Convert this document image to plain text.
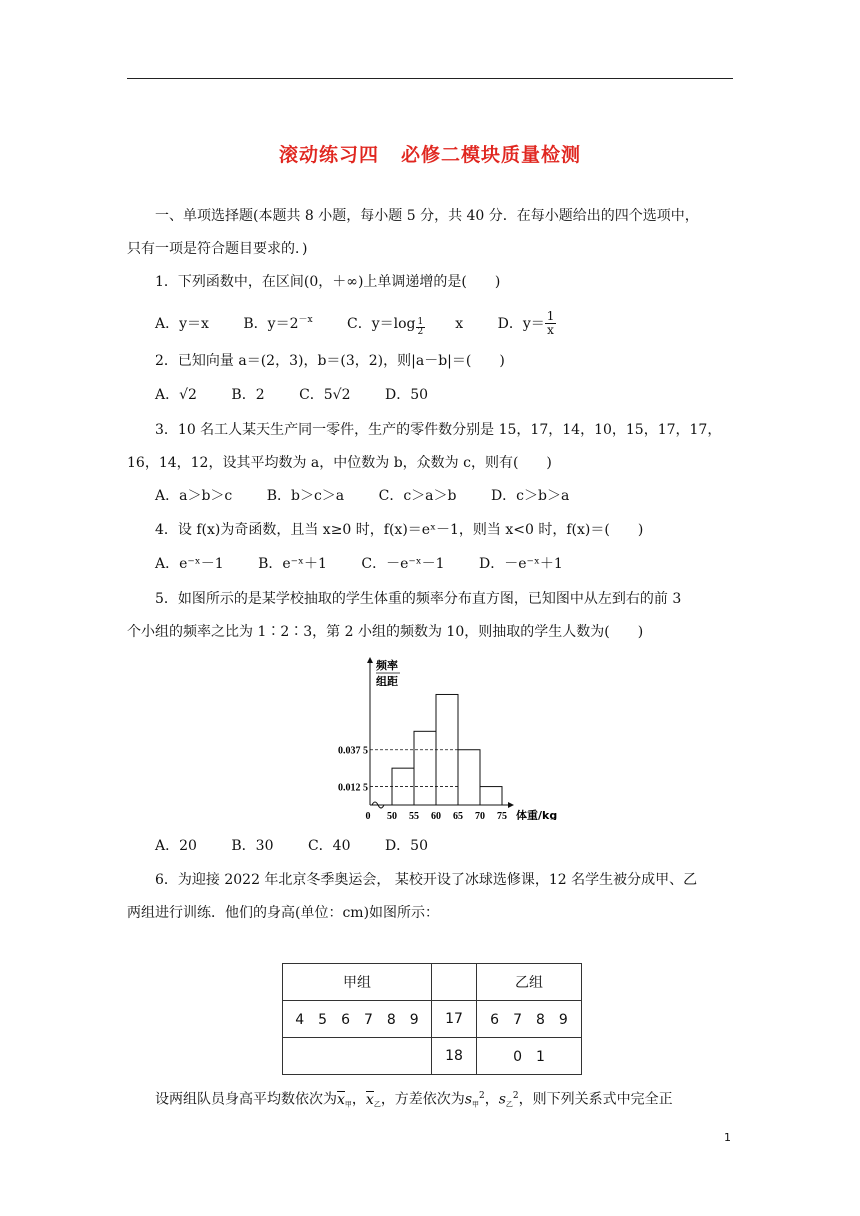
滚动练习四 必修二模块质量检测
一、单项选择题(本题共 8 小题，每小题 5 分，共 40 分．在每小题给出的四个选项中，
只有一项是符合题目要求的．)
1．下列函数中，在区间(0，＋∞)上单调递增的是(　　)
A．y＝x B．$y=2^{-x}$ C．$y=\log \frac{1}{2}$ x D．$y= \frac{1}{x}$
2．已知向量 a＝(2，3)，b＝(3，2)，则|a－b|＝(　　)
A．√2 B．2 C．5√2 D．50
3．10 名工人某天生产同一零件，生产的零件数分别是 15，17，14，10，15，17，17，
16，14，12，设其平均数为 a，中位数为 b，众数为 c，则有(　　)
A．a＞b＞c B．b＞c＞a C．c＞a＞b D．c＞b＞a
4．设 f(x)为奇函数，且当 x≥0 时，f(x)＝eˣ－1，则当 x<0 时，f(x)＝(　　)
A．e⁻ˣ－1 B．e⁻ˣ＋1 C．－e⁻ˣ－1 D．－e⁻ˣ＋1
5．如图所示的是某学校抽取的学生体重的频率分布直方图，已知图中从左到右的前 3
个小组的频率之比为 1∶2∶3，第 2 小组的频数为 10，则抽取的学生人数为(　　)
0.037 5
0.012 5
50 55 60 65 70 75
0
频率
组距
体重/kg
A．20 B．30 C．40 D．50
6．为迎接 2022 年北京冬季奥运会， 某校开设了冰球选修课，12 名学生被分成甲、乙
两组进行训练．他们的身高(单位：cm)如图所示：
甲组		乙组
4　5　6　7　8　9	17	6　7　8　9
	18	0　1
设两组队员身高平均数依次为$x_甲$，$x_乙$，方差依次为$s_甲^2$，$s_乙^2$，则下列关系式中完全正
1
